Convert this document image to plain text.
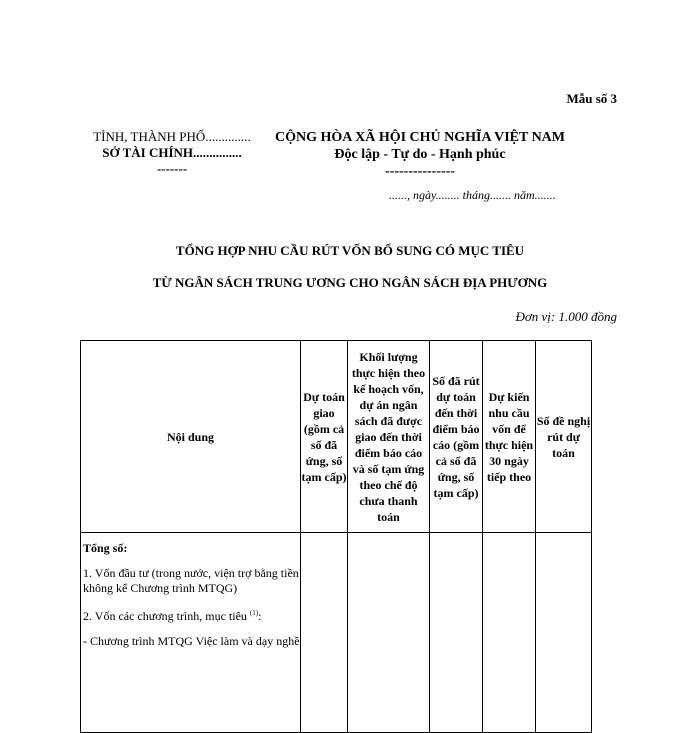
Mẫu số 3
TỈNH, THÀNH PHỐ..............
SỞ TÀI CHÍNH...............
-------
CỘNG HÒA XÃ HỘI CHỦ NGHĨA VIỆT NAM
Độc lập - Tự do - Hạnh phúc
---------------
......, ngày........ tháng....... năm.......
TỔNG HỢP NHU CẦU RÚT VỐN BỔ SUNG CÓ MỤC TIÊU
TỪ NGÂN SÁCH TRUNG ƯƠNG CHO NGÂN SÁCH ĐỊA PHƯƠNG
Đơn vị: 1.000 đồng
Nội dung	Dự toán giao (gồm cả số đã ứng, số tạm cấp)	Khối lượng thực hiện theo kế hoạch vốn, dự án ngân sách đã được giao đến thời điểm báo cáo và số tạm ứng theo chế độ chưa thanh toán	Số đã rút dự toán đến thời điểm báo cáo (gồm cả số đã ứng, số tạm cấp)	Dự kiến nhu cầu vốn để thực hiện 30 ngày tiếp theo	Số đề nghị rút dự toán

Tổng số:

1. Vốn đầu tư (trong nước, viện trợ bằng tiền không kể Chương trình MTQG)

2. Vốn các chương trình, mục tiêu $^{(1)}$:

- Chương trình MTQG Việc làm và dạy nghề					
